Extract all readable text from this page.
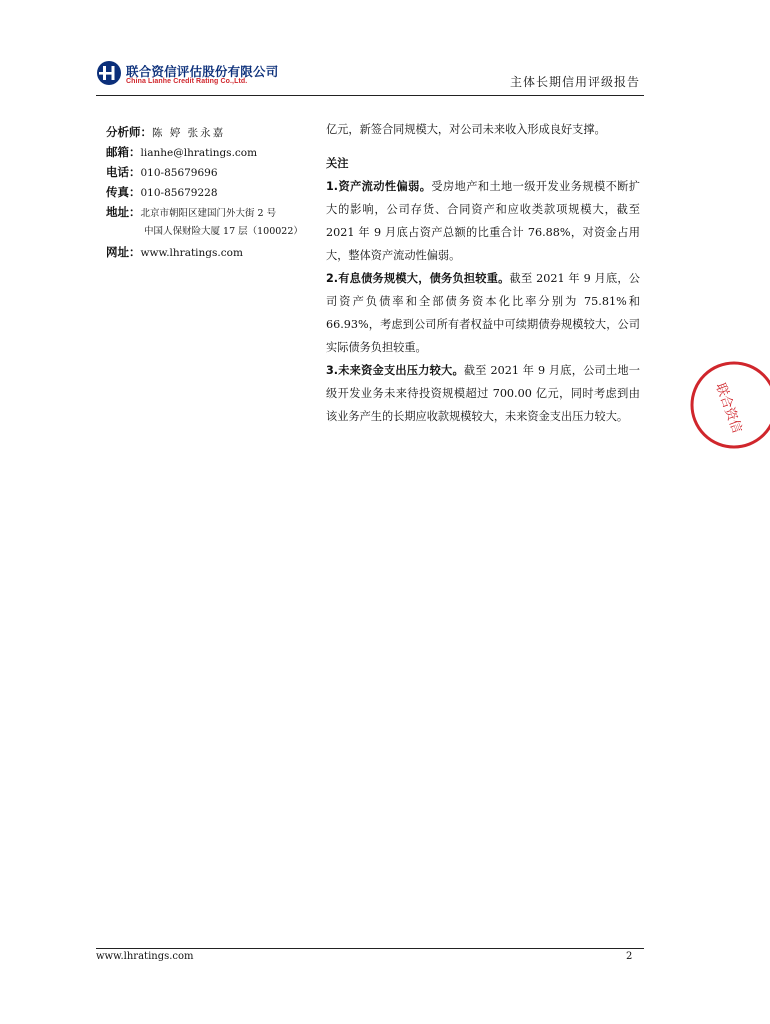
联合资信评估股份有限公司
China Lianhe Credit Rating Co.,Ltd.	主体长期信用评级报告
分析师：陈 婷 张永嘉
邮箱：lianhe@lhratings.com
电话：010-85679696
传真：010-85679228
地址：北京市朝阳区建国门外大街 2 号
中国人保财险大厦 17 层（100022）
网址：www.lhratings.com

亿元，新签合同规模大，对公司未来收入形成良好支撑。

关注

1.资产流动性偏弱。受房地产和土地一级开发业务规模不断扩大的影响，公司存货、合同资产和应收类款项规模大，截至 2021 年 9 月底占资产总额的比重合计 76.88%，对资金占用大，整体资产流动性偏弱。

2.有息债务规模大，债务负担较重。截至 2021 年 9 月底，公司资产负债率和全部债务资本化比率分别为 75.81%和 66.93%，考虑到公司所有者权益中可续期债券规模较大，公司实际债务负担较重。

3.未来资金支出压力较大。截至 2021 年 9 月底，公司土地一级开发业务未来待投资规模超过 700.00 亿元，同时考虑到由该业务产生的长期应收款规模较大，未来资金支出压力较大。	联合资信
www.lhratings.com	2
